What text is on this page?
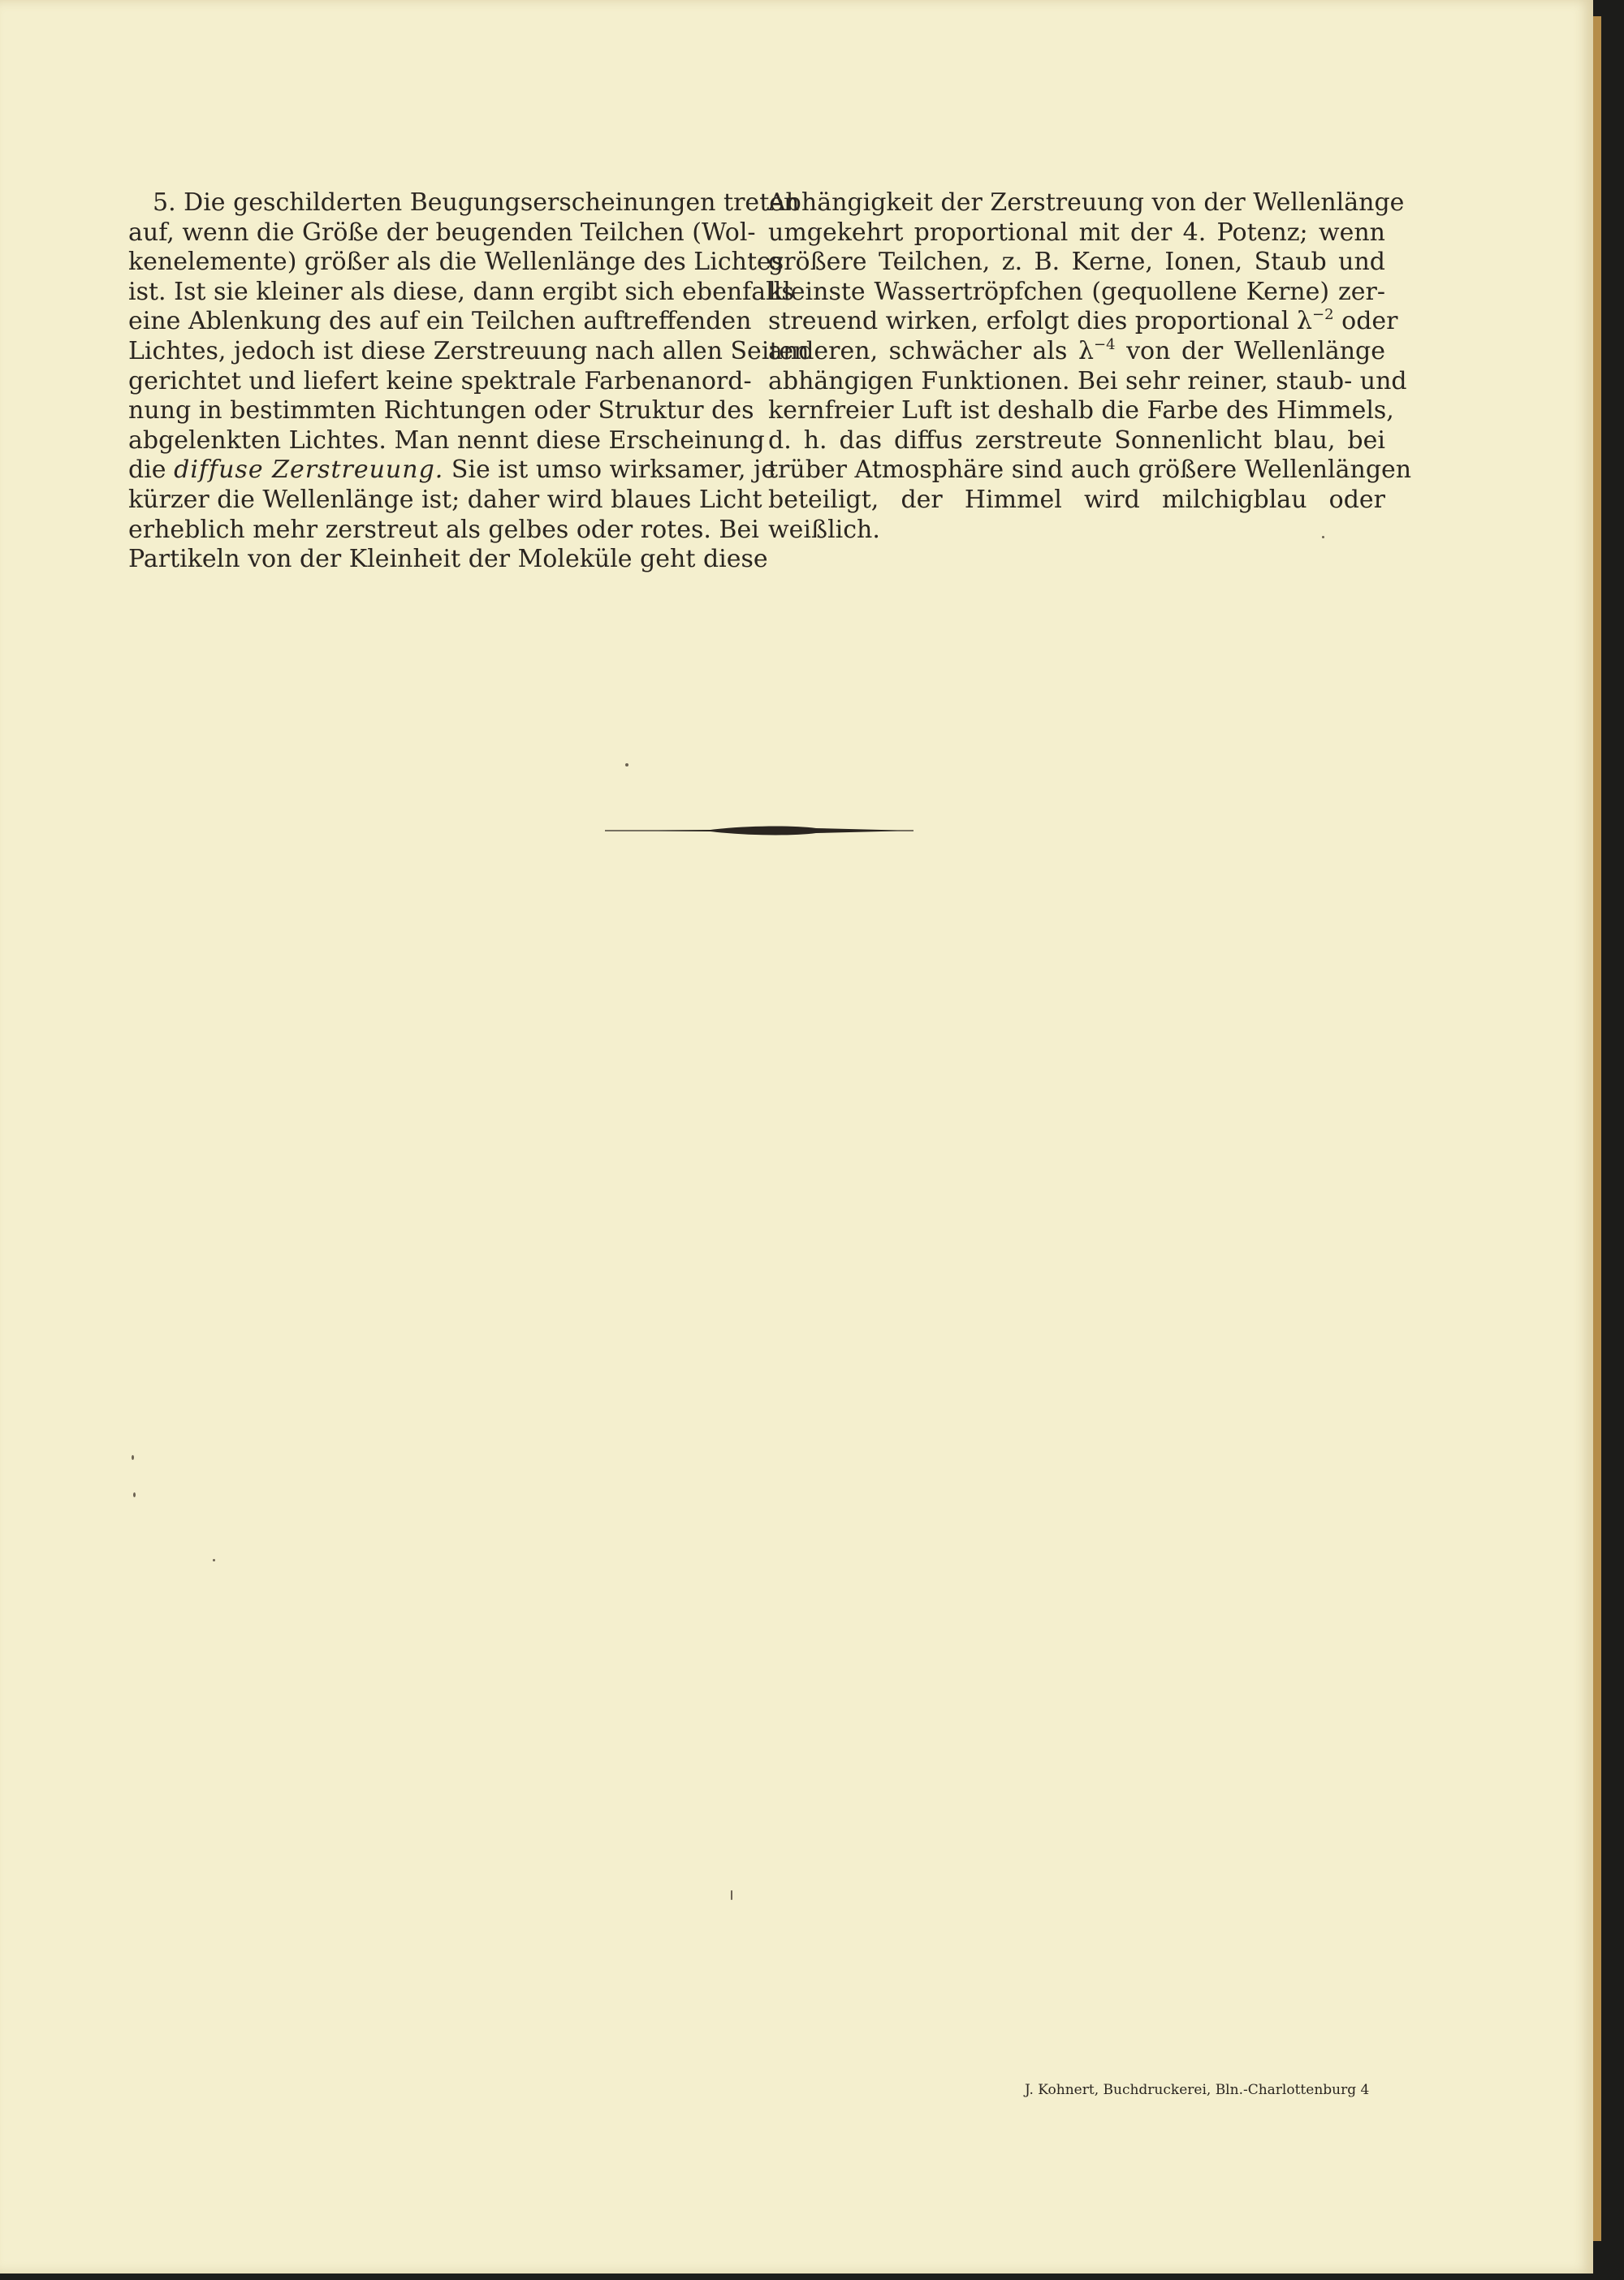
5. Die geschilderten Beugungserscheinungen treten
auf, wenn die Größe der beugenden Teilchen (Wol-
kenelemente) größer als die Wellenlänge des Lichtes
ist. Ist sie kleiner als diese, dann ergibt sich ebenfalls
eine Ablenkung des auf ein Teilchen auftreffenden
Lichtes, jedoch ist diese Zerstreuung nach allen Seiten
gerichtet und liefert keine spektrale Farbenanord-
nung in bestimmten Richtungen oder Struktur des
abgelenkten Lichtes. Man nennt diese Erscheinung
die diffuse Zerstreuung. Sie ist umso wirksamer, je
kürzer die Wellenlänge ist; daher wird blaues Licht
erheblich mehr zerstreut als gelbes oder rotes. Bei
Partikeln von der Kleinheit der Moleküle geht diese

Abhängigkeit der Zerstreuung von der Wellenlänge
umgekehrt proportional mit der 4. Potenz; wenn
größere Teilchen, z. B. Kerne, Ionen, Staub und
kleinste Wassertröpfchen (gequollene Kerne) zer-
streuend wirken, erfolgt dies proportional $\lambda^{-2}$ oder
anderen, schwächer als $\lambda^{-4}$ von der Wellenlänge
abhängigen Funktionen. Bei sehr reiner, staub- und
kernfreier Luft ist deshalb die Farbe des Himmels,
d. h. das diffus zerstreute Sonnenlicht blau, bei
trüber Atmosphäre sind auch größere Wellenlängen
beteiligt, der Himmel wird milchigblau oder
weißlich.

J. Kohnert, Buchdruckerei, Bln.-Charlottenburg 4
